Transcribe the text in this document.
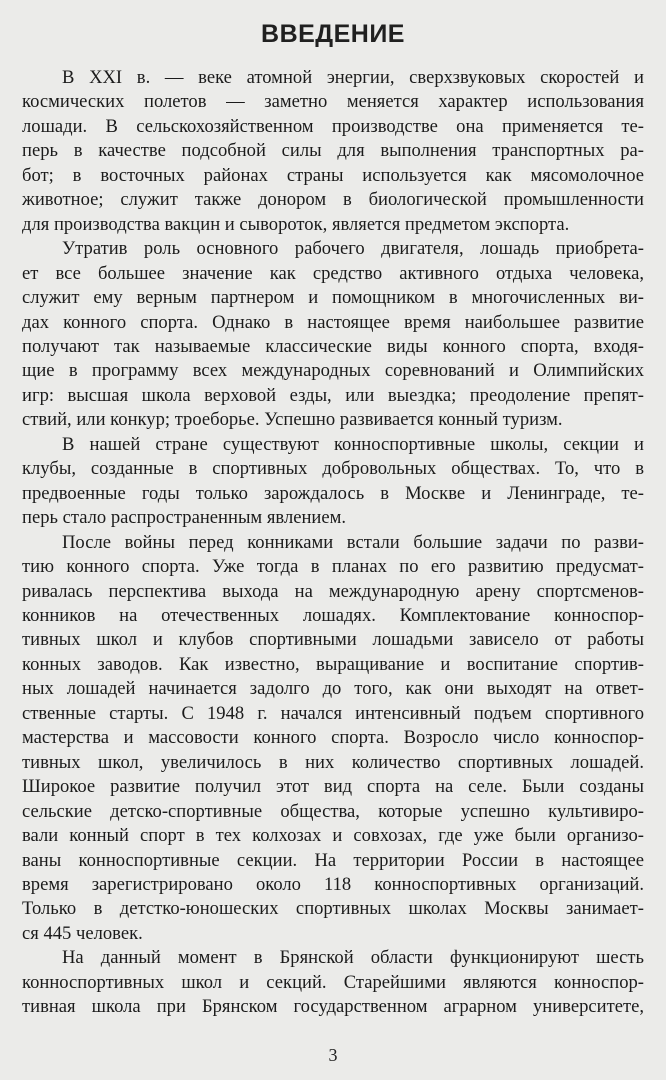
ВВЕДЕНИЕ
В XXI в. — веке атомной энергии, сверхзвуковых скоростей и
космических полетов — заметно меняется характер использования
лошади. В сельскохозяйственном производстве она применяется те-
перь в качестве подсобной силы для выполнения транспортных ра-
бот; в восточных районах страны используется как мясомолочное
животное; служит также донором в биологической промышленности
для производства вакцин и сывороток, является предметом экспорта.
Утратив роль основного рабочего двигателя, лошадь приобрета-
ет все большее значение как средство активного отдыха человека,
служит ему верным партнером и помощником в многочисленных ви-
дах конного спорта. Однако в настоящее время наибольшее развитие
получают так называемые классические виды конного спорта, входя-
щие в программу всех международных соревнований и Олимпийских
игр: высшая школа верховой езды, или выездка; преодоление препят-
ствий, или конкур; троеборье. Успешно развивается конный туризм.
В нашей стране существуют конноспортивные школы, секции и
клубы, созданные в спортивных добровольных обществах. То, что в
предвоенные годы только зарождалось в Москве и Ленинграде, те-
перь стало распространенным явлением.
После войны перед конниками встали большие задачи по разви-
тию конного спорта. Уже тогда в планах по его развитию предусмат-
ривалась перспектива выхода на международную арену спортсменов-
конников на отечественных лошадях. Комплектование конноспор-
тивных школ и клубов спортивными лошадьми зависело от работы
конных заводов. Как известно, выращивание и воспитание спортив-
ных лошадей начинается задолго до того, как они выходят на ответ-
ственные старты. С 1948 г. начался интенсивный подъем спортивного
мастерства и массовости конного спорта. Возросло число конноспор-
тивных школ, увеличилось в них количество спортивных лошадей.
Широкое развитие получил этот вид спорта на селе. Были созданы
сельские детско-спортивные общества, которые успешно культивиро-
вали конный спорт в тех колхозах и совхозах, где уже были организо-
ваны конноспортивные секции. На территории России в настоящее
время зарегистрировано около 118 конноспортивных организаций.
Только в детстко-юношеских спортивных школах Москвы занимает-
ся 445 человек.
На данный момент в Брянской области функционируют шесть
конноспортивных школ и секций. Старейшими являются конноспор-
тивная школа при Брянском государственном аграрном университете,
3
